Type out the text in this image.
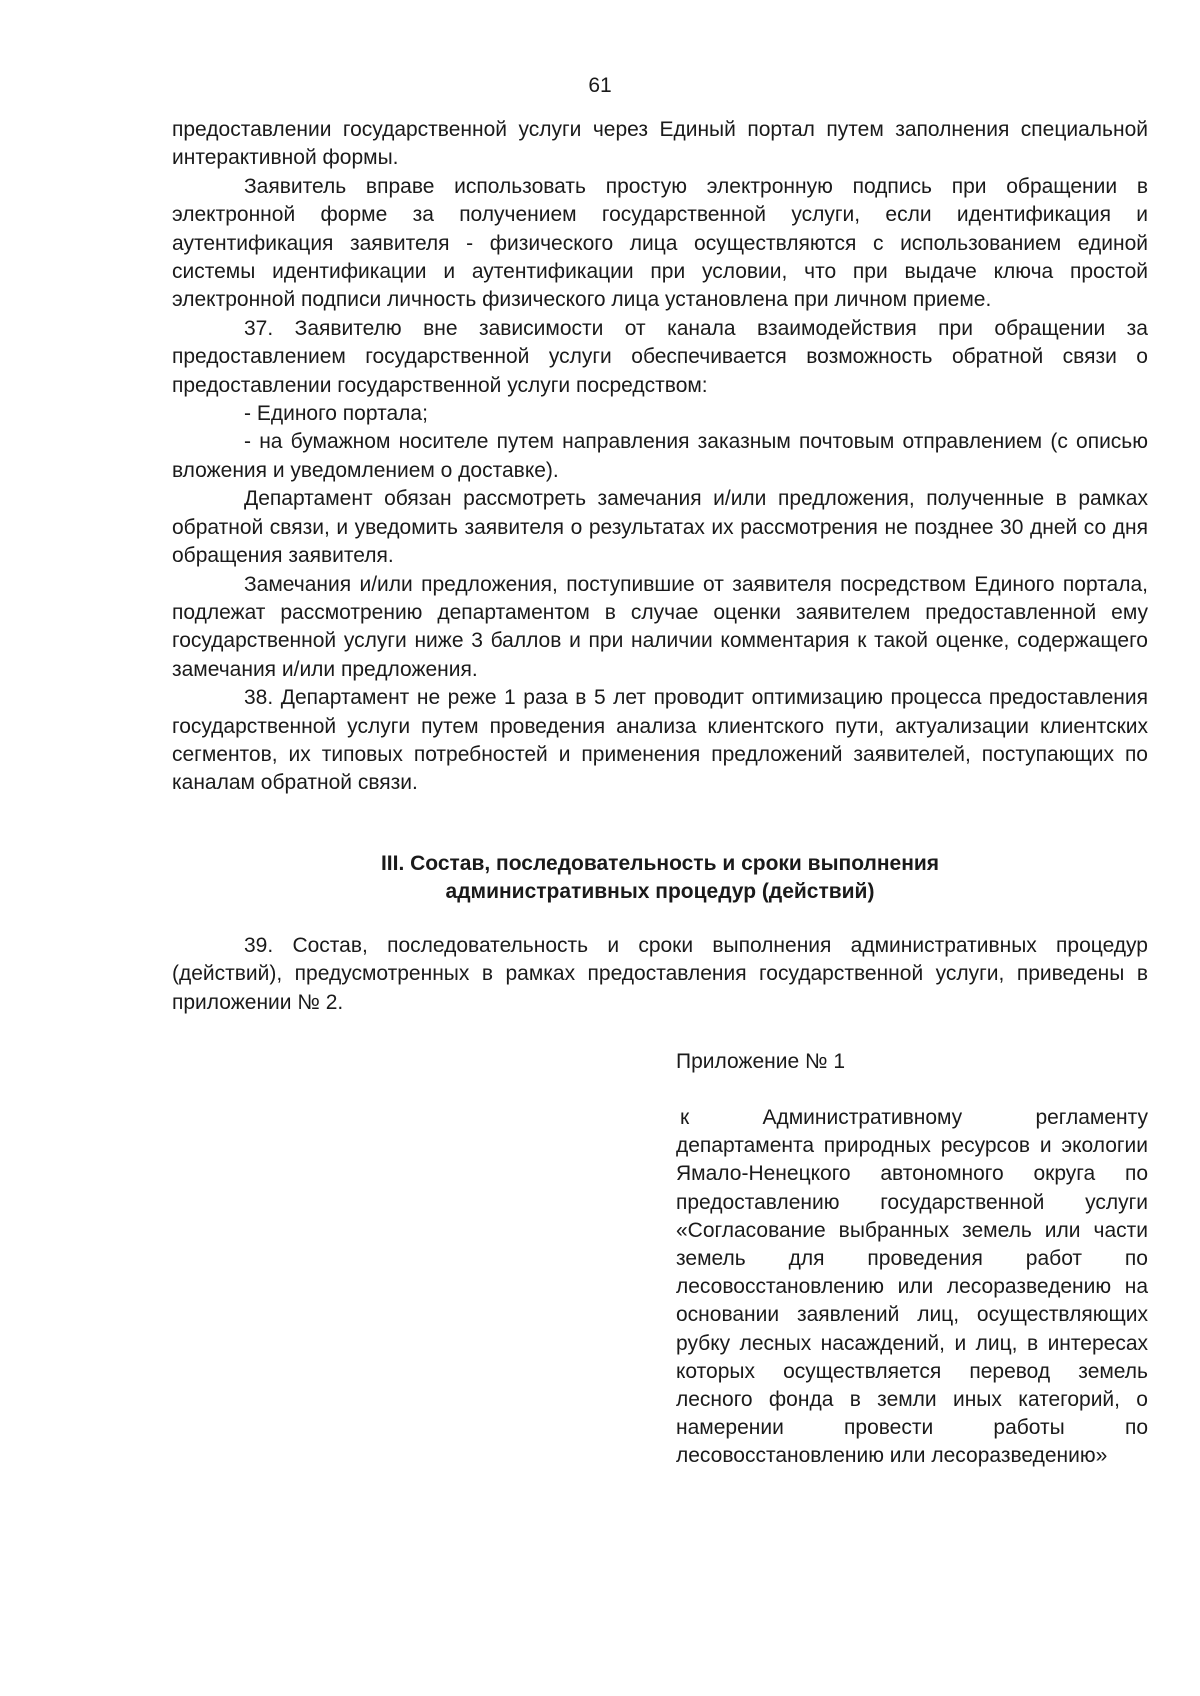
61

предоставлении государственной услуги через Единый портал путем заполнения специальной интерактивной формы.

Заявитель вправе использовать простую электронную подпись при обращении в электронной форме за получением государственной услуги, если идентификация и аутентификация заявителя - физического лица осуществляются с использованием единой системы идентификации и аутентификации при условии, что при выдаче ключа простой электронной подписи личность физического лица установлена при личном приеме.

37. Заявителю вне зависимости от канала взаимодействия при обращении за предоставлением государственной услуги обеспечивается возможность обратной связи о предоставлении государственной услуги посредством:

- Единого портала;

- на бумажном носителе путем направления заказным почтовым отправлением (с описью вложения и уведомлением о доставке).

Департамент обязан рассмотреть замечания и/или предложения, полученные в рамках обратной связи, и уведомить заявителя о результатах их рассмотрения не позднее 30 дней со дня обращения заявителя.

Замечания и/или предложения, поступившие от заявителя посредством Единого портала, подлежат рассмотрению департаментом в случае оценки заявителем предоставленной ему государственной услуги ниже 3 баллов и при наличии комментария к такой оценке, содержащего замечания и/или предложения.

38. Департамент не реже 1 раза в 5 лет проводит оптимизацию процесса предоставления государственной услуги путем проведения анализа клиентского пути, актуализации клиентских сегментов, их типовых потребностей и применения предложений заявителей, поступающих по каналам обратной связи.

III. Состав, последовательность и сроки выполнения
административных процедур (действий)

39. Состав, последовательность и сроки выполнения административных процедур (действий), предусмотренных в рамках предоставления государственной услуги, приведены в приложении № 2.

Приложение № 1
к Административному регламенту департамента природных ресурсов и экологии Ямало-Ненецкого автономного округа по предоставлению государственной услуги «Согласование выбранных земель или части земель для проведения работ по лесовосстановлению или лесоразведению на основании заявлений лиц, осуществляющих рубку лесных насаждений, и лиц, в интересах которых осуществляется перевод земель лесного фонда в земли иных категорий, о намерении провести работы по лесовосстановлению или лесоразведению»
